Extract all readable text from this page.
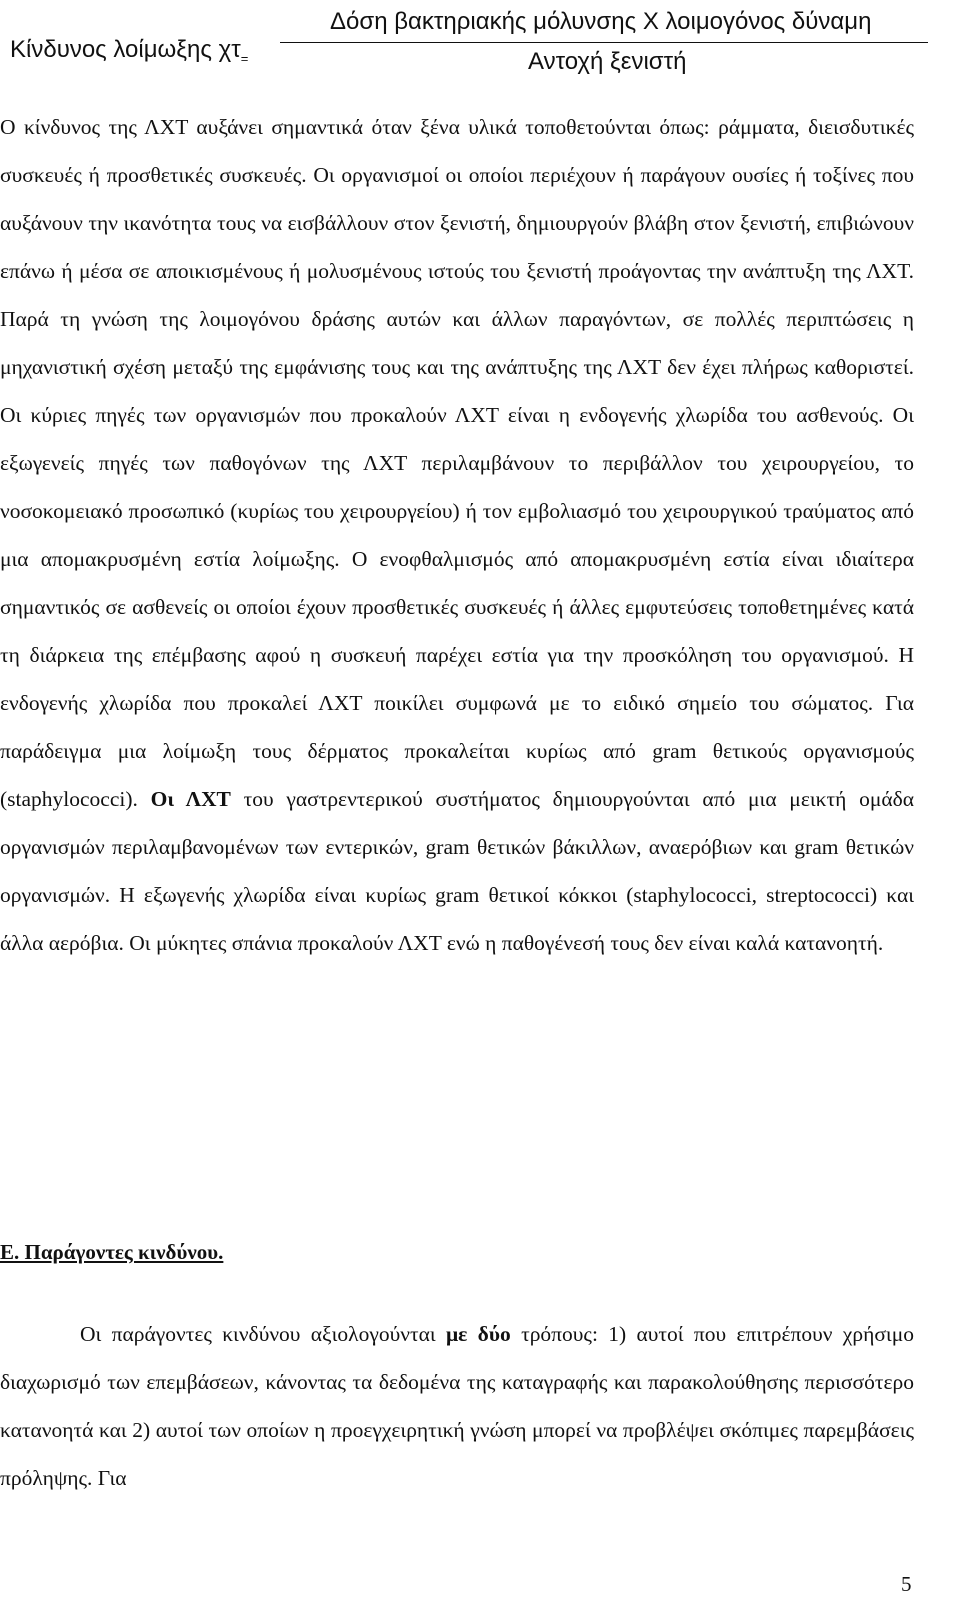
Κίνδυνος λοίμωξης $\chi\tau_=$
Δόση βακτηριακής μόλυνσης Χ λοιμογόνος δύναμη
Αντοχή ξενιστή
Ο κίνδυνος της ΛΧΤ αυξάνει σημαντικά όταν ξένα υλικά τοποθετούνται όπως: ράμματα, διεισδυτικές συσκευές ή προσθετικές συσκευές. Οι οργανισμοί οι οποίοι περιέχουν ή παράγουν ουσίες ή τοξίνες που αυξάνουν την ικανότητα τους να εισβάλλουν στον ξενιστή, δημιουργούν βλάβη στον ξενιστή, επιβιώνουν επάνω ή μέσα σε αποικισμένους ή μολυσμένους ιστούς του ξενιστή προάγοντας την ανάπτυξη της ΛΧΤ. Παρά τη γνώση της λοιμογόνου δράσης αυτών και άλλων παραγόντων, σε πολλές περιπτώσεις η μηχανιστική σχέση μεταξύ της εμφάνισης τους και της ανάπτυξης της ΛΧΤ δεν έχει πλήρως καθοριστεί. Οι κύριες πηγές των οργανισμών που προκαλούν ΛΧΤ είναι η ενδογενής χλωρίδα του ασθενούς. Οι εξωγενείς πηγές των παθογόνων της ΛΧΤ περιλαμβάνουν το περιβάλλον του χειρουργείου, το νοσοκομειακό προσωπικό (κυρίως του χειρουργείου) ή τον εμβολιασμό του χειρουργικού τραύματος από μια απομακρυσμένη εστία λοίμωξης. Ο ενοφθαλμισμός από απομακρυσμένη εστία είναι ιδιαίτερα σημαντικός σε ασθενείς οι οποίοι έχουν προσθετικές συσκευές ή άλλες εμφυτεύσεις τοποθετημένες κατά τη διάρκεια της επέμβασης αφού η συσκευή παρέχει εστία για την προσκόληση του οργανισμού. Η ενδογενής χλωρίδα που προκαλεί ΛΧΤ ποικίλει συμφωνά με το ειδικό σημείο του σώματος. Για παράδειγμα μια λοίμωξη τους δέρματος προκαλείται κυρίως από gram θετικούς οργανισμούς (staphylococci). Οι ΛΧΤ του γαστρεντερικού συστήματος δημιουργούνται από μια μεικτή ομάδα οργανισμών περιλαμβανομένων των εντερικών, gram θετικών βάκιλλων, αναερόβιων και gram θετικών οργανισμών. Η εξωγενής χλωρίδα είναι κυρίως gram θετικοί κόκκοι (staphylococci, streptococci) και άλλα αερόβια. Οι μύκητες σπάνια προκαλούν ΛΧΤ ενώ η παθογένεσή τους δεν είναι καλά κατανοητή.
Ε. Παράγοντες κινδύνου.
Οι παράγοντες κινδύνου αξιολογούνται με δύο τρόπους: 1) αυτοί που επιτρέπουν χρήσιμο διαχωρισμό των επεμβάσεων, κάνοντας τα δεδομένα της καταγραφής και παρακολούθησης περισσότερο κατανοητά και 2) αυτοί των οποίων η προεγχειρητική γνώση μπορεί να προβλέψει σκόπιμες παρεμβάσεις πρόληψης. Για
5
